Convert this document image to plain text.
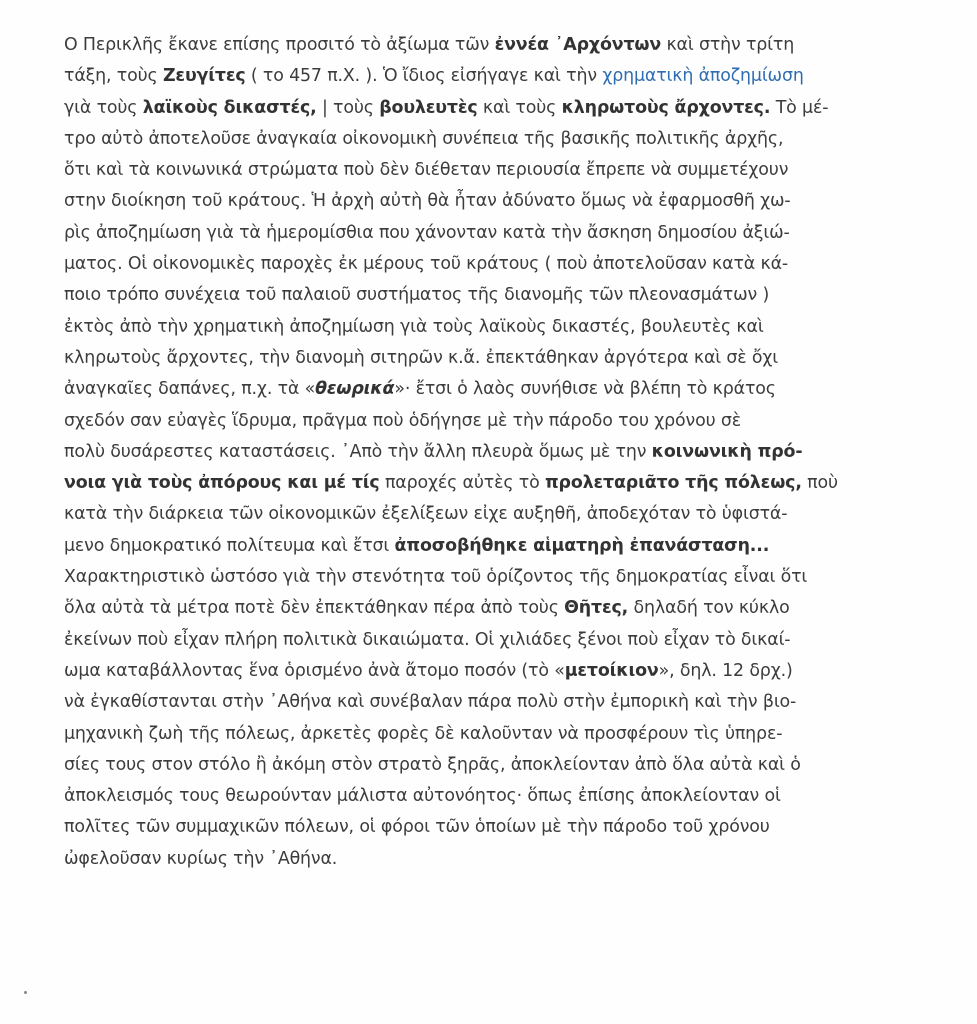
Ο Περικλῆς ἔκανε επίσης προσιτό τὸ ἀξίωμα τῶν ἐννέα ᾿Αρχόντων καὶ στὴν τρίτη
τάξη, τοὺς Ζευγίτες ( το 457 π.Χ. ). Ὁ ἴδιος εἰσήγαγε καὶ τὴν χρηματικὴ ἀποζημίωση
γιὰ τοὺς λαϊκοὺς δικαστές, | τοὺς βουλευτὲς καὶ τοὺς κληρωτοὺς ἄρχοντες. Τὸ μέ-
τρο αὐτὸ ἀποτελοῦσε ἀναγκαία οἰκονομικὴ συνέπεια τῆς βασικῆς πολιτικῆς ἀρχῆς,
ὅτι καὶ τὰ κοινωνικά στρώματα ποὺ δὲν διέθεταν περιουσία ἔπρεπε νὰ συμμετέχουν
στην διοίκηση τοῦ κράτους. Ἡ ἀρχὴ αὐτὴ θὰ ἦταν ἀδύνατο ὅμως νὰ ἐφαρμοσθῆ χω-
ρὶς ἀποζημίωση γιὰ τὰ ἡμερομίσθια που χάνονταν κατὰ τὴν ἄσκηση δημοσίου ἀξιώ-
ματος. Οἱ οἰκονομικὲς παροχὲς ἐκ μέρους τοῦ κράτους ( ποὺ ἀποτελοῦσαν κατὰ κά-
ποιο τρόπο συνέχεια τοῦ παλαιοῦ συστήματος τῆς διανομῆς τῶν πλεονασμάτων )
ἐκτὸς ἀπὸ τὴν χρηματικὴ ἀποζημίωση γιὰ τοὺς λαϊκοὺς δικαστές, βουλευτὲς καὶ
κληρωτοὺς ἄρχοντες, τὴν διανομὴ σιτηρῶν κ.ἄ. ἐπεκτάθηκαν ἀργότερα καὶ σὲ ὄχι
ἀναγκαῖες δαπάνες, π.χ. τὰ «θεωρικά»· ἔτσι ὁ λαὸς συνήθισε νὰ βλέπη τὸ κράτος
σχεδόν σαν εὐαγὲς ἵδρυμα, πρᾶγμα ποὺ ὁδήγησε μὲ τὴν πάροδο του χρόνου σὲ
πολὺ δυσάρεστες καταστάσεις. ᾿Απὸ τὴν ἄλλη πλευρὰ ὅμως μὲ την κοινωνικὴ πρό-
νοια γιὰ τοὺς ἀπόρους και μέ τίς παροχές αὐτὲς τὸ προλεταριᾶτο τῆς πόλεως, ποὺ
κατὰ τὴν διάρκεια τῶν οἰκονομικῶν ἐξελίξεων εἰχε αυξηθῆ, ἀποδεχόταν τὸ ὑφιστά-
μενο δημοκρατικό πολίτευμα καὶ ἔτσι ἀποσοβήθηκε αἱματηρὴ ἐπανάσταση...
Χαρακτηριστικὸ ὡστόσο γιὰ τὴν στενότητα τοῦ ὁρίζοντος τῆς δημοκρατίας εἶναι ὅτι
ὅλα αὐτὰ τὰ μέτρα ποτὲ δὲν ἐπεκτάθηκαν πέρα ἀπὸ τοὺς Θῆτες, δηλαδή τον κύκλο
ἐκείνων ποὺ εἶχαν πλήρη πολιτικὰ δικαιώματα. Οἱ χιλιάδες ξένοι ποὺ εἶχαν τὸ δικαί-
ωμα καταβάλλοντας ἕνα ὁρισμένο ἀνὰ ἄτομο ποσόν (τὸ «μετοίκιον», δηλ. 12 δρχ.)
νὰ ἐγκαθίστανται στὴν ᾿Αθήνα καὶ συνέβαλαν πάρα πολὺ στὴν ἐμπορικὴ καὶ τὴν βιο-
μηχανικὴ ζωὴ τῆς πόλεως, ἀρκετὲς φορὲς δὲ καλοῦνταν νὰ προσφέρουν τὶς ὑπηρε-
σίες τους στον στόλο ἢ ἀκόμη στὸν στρατὸ ξηρᾶς, ἀποκλείονταν ἀπὸ ὅλα αὐτὰ καὶ ὁ
ἀποκλεισμός τους θεωρούνταν μάλιστα αὐτονόητος· ὅπως ἐπίσης ἀποκλείονταν οἱ
πολῖτες τῶν συμμαχικῶν πόλεων, οἱ φόροι τῶν ὁποίων μὲ τὴν πάροδο τοῦ χρόνου
ὠφελοῦσαν κυρίως τὴν ᾿Αθήνα.
